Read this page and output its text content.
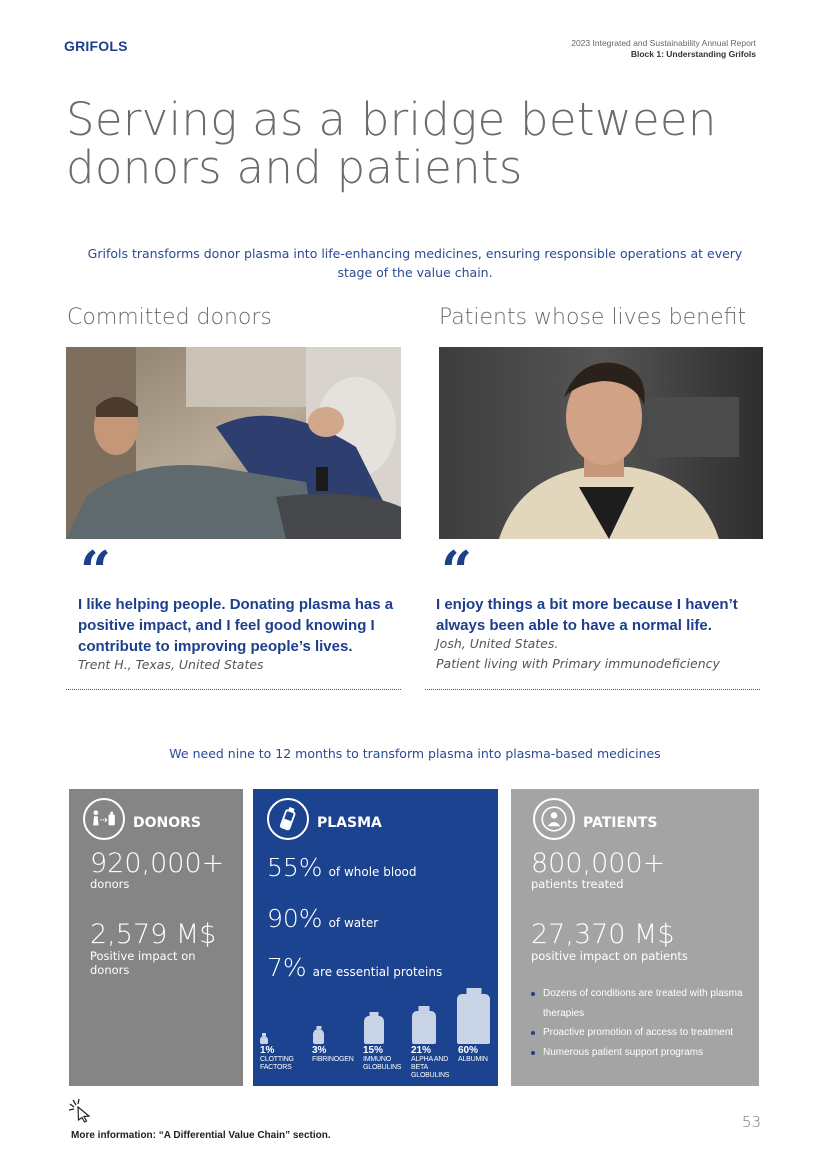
GRIFOLS	2023 Integrated and Sustainability Annual Report
Block 1: Understanding Grifols
Serving as a bridge between donors and patients

Grifols transforms donor plasma into life-enhancing medicines, ensuring responsible operations at every stage of the value chain.

Committed donors
“

I like helping people. Donating plasma has a positive impact, and I feel good knowing I contribute to improving people’s lives.

Trent H., Texas, United States

Patients whose lives benefit
“

I enjoy things a bit more because I haven’t always been able to have a normal life.

Josh, United States.

Patient living with Primary immunodeficiency

We need nine to 12 months to transform plasma into plasma-based medicines

DONORS
920,000+
donors
2,579 M$
Positive impact on donors
PLASMA
55% of whole blood
90% of water
7% are essential proteins
1%
CLOTTING FACTORS
3%
FIBRINOGEN
15%
IMMUNO GLOBULINS
21%
ALPHA AND BETA GLOBULINS
60%
ALBUMIN
PATIENTS
800,000+
patients treated
27,370 M$
positive impact on patients
Dozens of conditions are treated with plasma therapies
Proactive promotion of access to treatment
Numerous patient support programs
More information: “A Differential Value Chain” section.
53
